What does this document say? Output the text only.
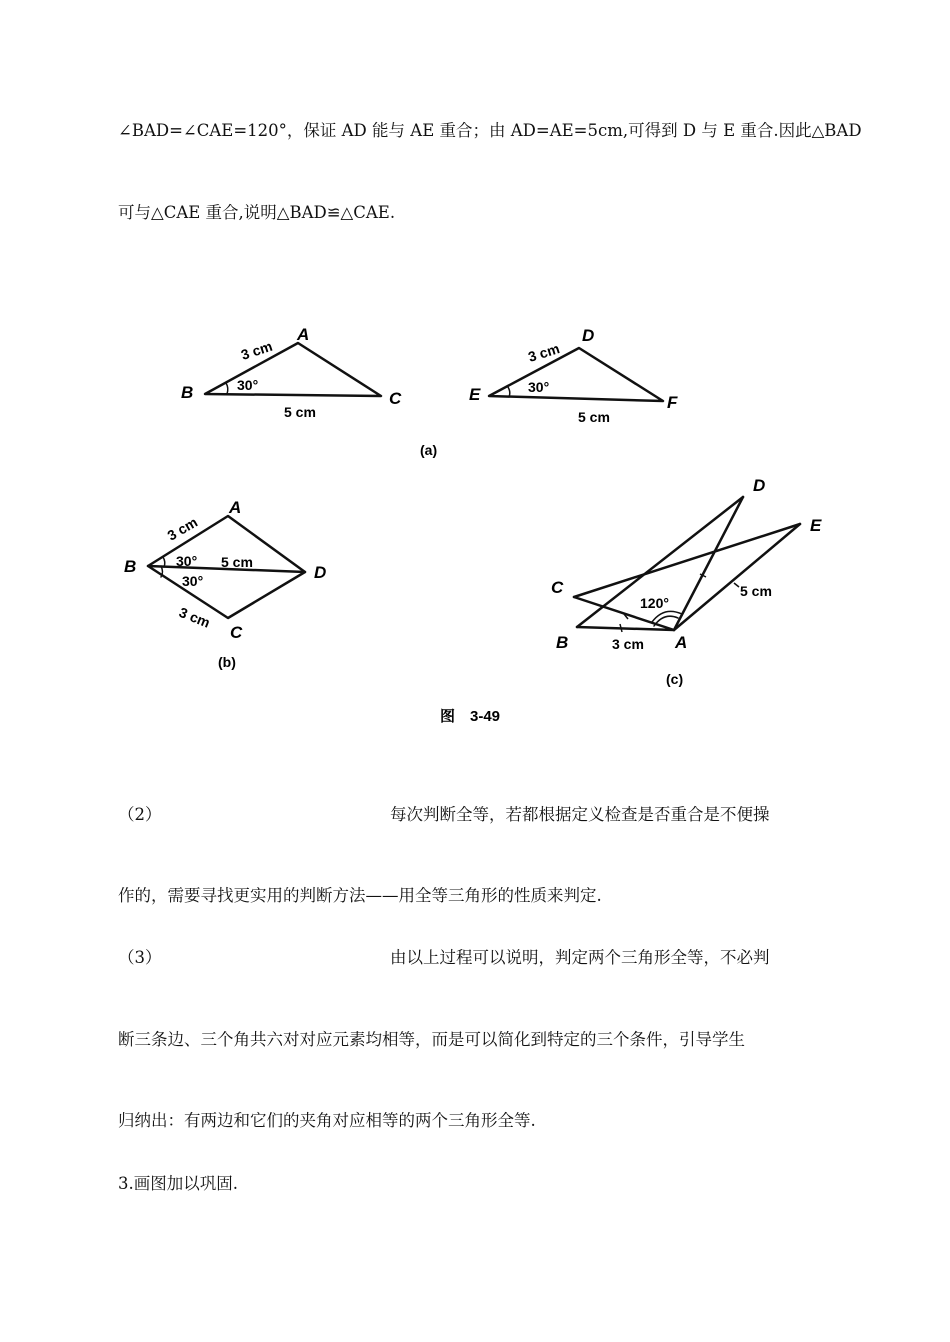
∠BAD=∠CAE=120°，保证 AD 能与 AE 重合；由 AD=AE=5cm,可得到 D 与 E 重合.因此△BAD
可与△CAE 重合,说明△BAD≌△CAE.
A
B	C
3 cm
5 cm
30°
D
E	F
3 cm
5 cm
30°
(a)
A
B	D
C
3 cm
5 cm
3 cm
30°
30°
(b)
D
E
C
B	A
3 cm
5 cm
120°
(c)
图　3-49
（2）	每次判断全等，若都根据定义检查是否重合是不便操
作的，需要寻找更实用的判断方法——用全等三角形的性质来判定.
（3）	由以上过程可以说明，判定两个三角形全等，不必判
断三条边、三个角共六对对应元素均相等，而是可以简化到特定的三个条件，引导学生
归纳出：有两边和它们的夹角对应相等的两个三角形全等.
3.画图加以巩固.
